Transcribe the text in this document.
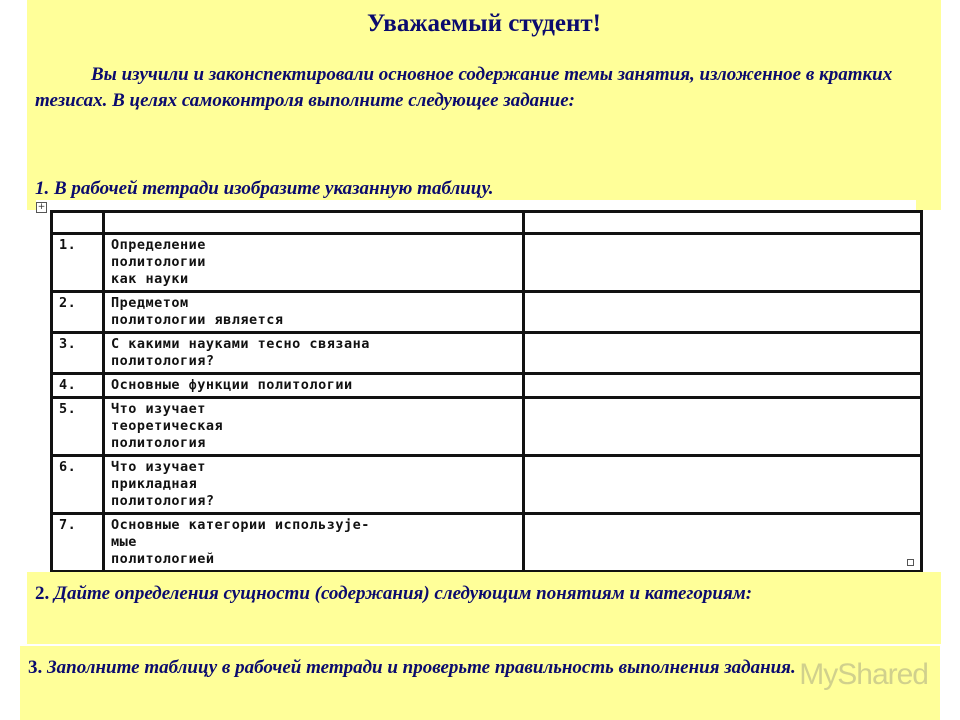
Уважаемый студент!
Вы изучили и законспектировали основное содержание темы занятия, изложенное в кратких тезисах. В целях самоконтроля выполните следующее задание:
1. В рабочей тетради изобразите указанную таблицу.
+

1.	Определение
политологии
как науки	
2.	Предметом
политологии является	
3.	С какими науками тесно связана
политология?	
4.	Основные функции политологии	
5.	Что изучает
теоретическая
политология	
6.	Что изучает
прикладная
политология?	
7.	Основные категории использује-
мые
политологией	
2. Дайте определения сущности (содержания) следующим понятиям и категориям:
3. Заполните таблицу в рабочей тетради и проверьте правильность выполнения задания. MyShared
